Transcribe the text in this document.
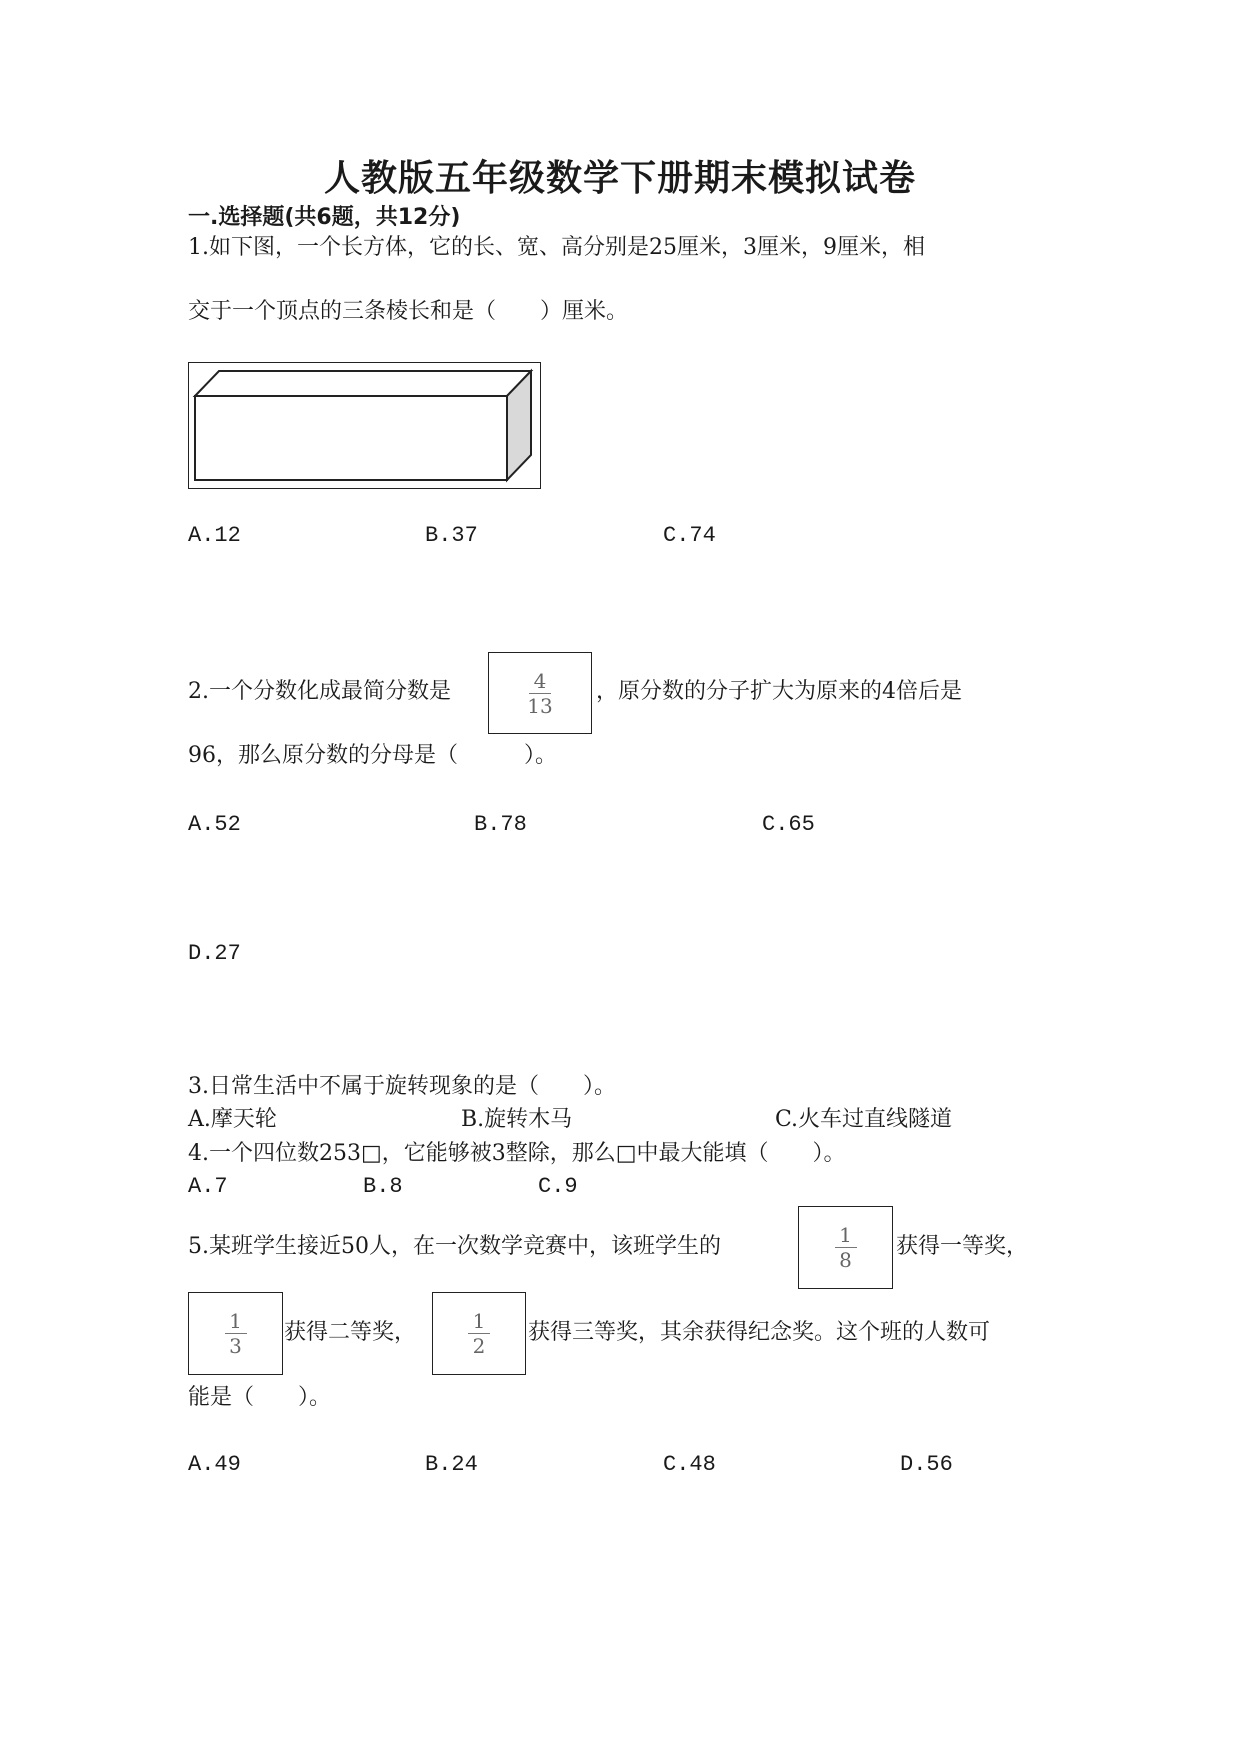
人教版五年级数学下册期末模拟试卷
一.选择题(共6题，共12分)
1.如下图，一个长方体，它的长、宽、高分别是25厘米，3厘米，9厘米，相
交于一个顶点的三条棱长和是（　　）厘米。
A.12	B.37	C.74
2.一个分数化成最简分数是	$\frac{4}{13}$ ，原分数的分子扩大为原来的4倍后是
96，那么原分数的分母是（　　　）。
A.52	B.78	C.65
D.27
3.日常生活中不属于旋转现象的是（　　）。
A.摩天轮	B.旋转木马	C.火车过直线隧道
4.一个四位数253□，它能够被3整除，那么□中最大能填（　　）。
A.7	B.8	C.9
5.某班学生接近50人，在一次数学竞赛中，该班学生的	$\frac{1}{8}$ 获得一等奖，
$\frac{1}{3}$ 获得二等奖，	$\frac{1}{2}$ 获得三等奖，其余获得纪念奖。这个班的人数可
能是（　　）。
A.49	B.24	C.48	D.56
